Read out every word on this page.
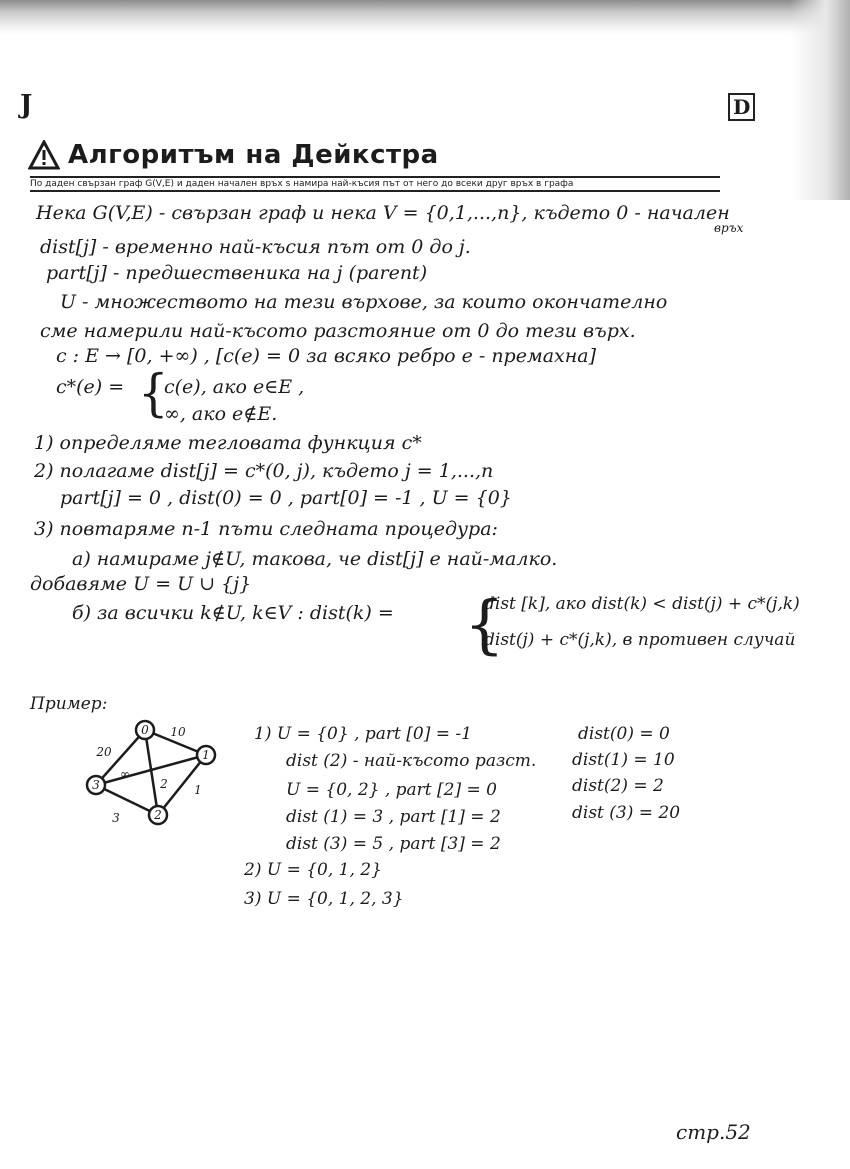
J	D
Алгоритъм на Дейкстра
По даден свързан граф G(V,E) и даден начален връх s намира най-късия път от него до всеки друг връх в графа
Нека G(V,E) - свързан граф и нека V = {0,1,...,n}, където 0 - начален
връх
dist[j] - временно най-късия път от 0 до j.
part[j] - предшественика на j (parent)
U - множеството на тези върхове, за които окончателно
сме намерили най-късото разстояние от 0 до тези върх.
c : E → [0, +∞) , [c(e) = 0 за всяко ребро e - премахна]
c*(e) = {
c(e), ако e∈E ,
∞, ако e∉E.
1) определяме тегловата функция c*
2) полагаме dist[j] = c*(0, j), където j = 1,...,n
part[j] = 0 , dist(0) = 0 , part[0] = -1 , U = {0}
3) повтаряме n-1 пъти следната процедура:
а) намираме j∉U, такова, че dist[j] е най-малко.
добавяме U = U ∪ {j}
б) за всички k∉U, k∈V : dist(k) = {
dist [k], ако dist(k) < dist(j) + c*(j,k)
dist(j) + c*(j,k), в противен случай
Пример:
0
1
3
2
20
10
∞
2 1
3
1) U = {0} , part [0] = -1
dist (2) - най-късото разст.
U = {0, 2} , part [2] = 0
dist (1) = 3 , part [1] = 2
dist (3) = 5 , part [3] = 2
2) U = {0, 1, 2}
3) U = {0, 1, 2, 3}
dist(0) = 0
dist(1) = 10
dist(2) = 2
dist (3) = 20
стр.52
